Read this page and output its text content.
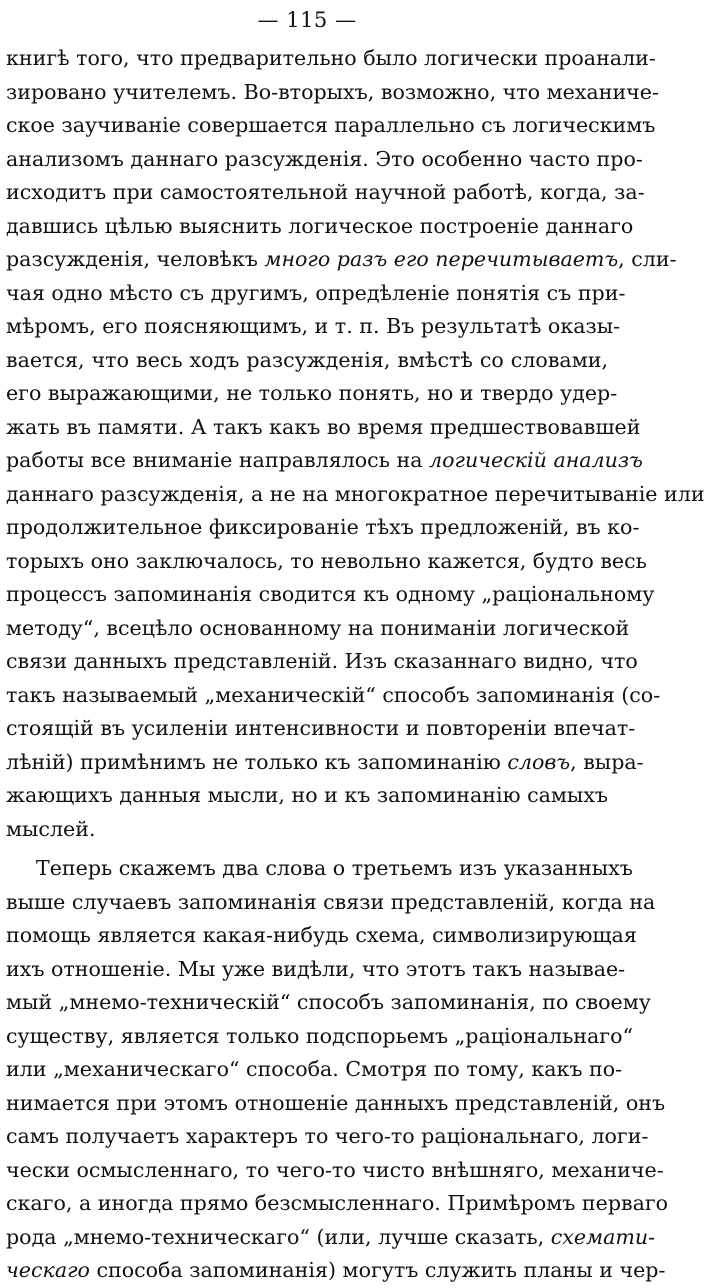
— 115 —
книгѣ того, что предварительно было логически проанали-
зировано учителемъ. Во-вторыхъ, возможно, что механиче-
ское заучиваніе совершается параллельно съ логическимъ
анализомъ даннаго разсужденія. Это особенно часто про-
исходитъ при самостоятельной научной работѣ, когда, за-
давшись цѣлью выяснить логическое построеніе даннаго
разсужденія, человѣкъ много разъ его перечитываетъ, сли-
чая одно мѣсто съ другимъ, опредѣленіе понятія съ при-
мѣромъ, его поясняющимъ, и т. п. Въ результатѣ оказы-
вается, что весь ходъ разсужденія, вмѣстѣ со словами,
его выражающими, не только понять, но и твердо удер-
жать въ памяти. А такъ какъ во время предшествовавшей
работы все вниманіе направлялось на логическій анализъ
даннаго разсужденія, а не на многократное перечитываніе или
продолжительное фиксированіе тѣхъ предложеній, въ ко-
торыхъ оно заключалось, то невольно кажется, будто весь
процессъ запоминанія сводится къ одному „раціональному
методу“, всецѣло основанному на пониманіи логической
связи данныхъ представленій. Изъ сказаннаго видно, что
такъ называемый „механическій“ способъ запоминанія (со-
стоящій въ усиленіи интенсивности и повтореніи впечат-
лѣній) примѣнимъ не только къ запоминанію словъ, выра-
жающихъ данныя мысли, но и къ запоминанію самыхъ
мыслей.
Теперь скажемъ два слова о третьемъ изъ указанныхъ
выше случаевъ запоминанія связи представленій, когда на
помощь является какая-нибудь схема, символизирующая
ихъ отношеніе. Мы уже видѣли, что этотъ такъ называе-
мый „мнемо-техническій“ способъ запоминанія, по своему
существу, является только подспорьемъ „раціональнаго“
или „механическаго“ способа. Смотря по тому, какъ по-
нимается при этомъ отношеніе данныхъ представленій, онъ
самъ получаетъ характеръ то чего-то раціональнаго, логи-
чески осмысленнаго, то чего-то чисто внѣшняго, механиче-
скаго, а иногда прямо безсмысленнаго. Примѣромъ перваго
рода „мнемо-техническаго“ (или, лучше сказать, схемати-
ческаго способа запоминанія) могутъ служить планы и чер-
